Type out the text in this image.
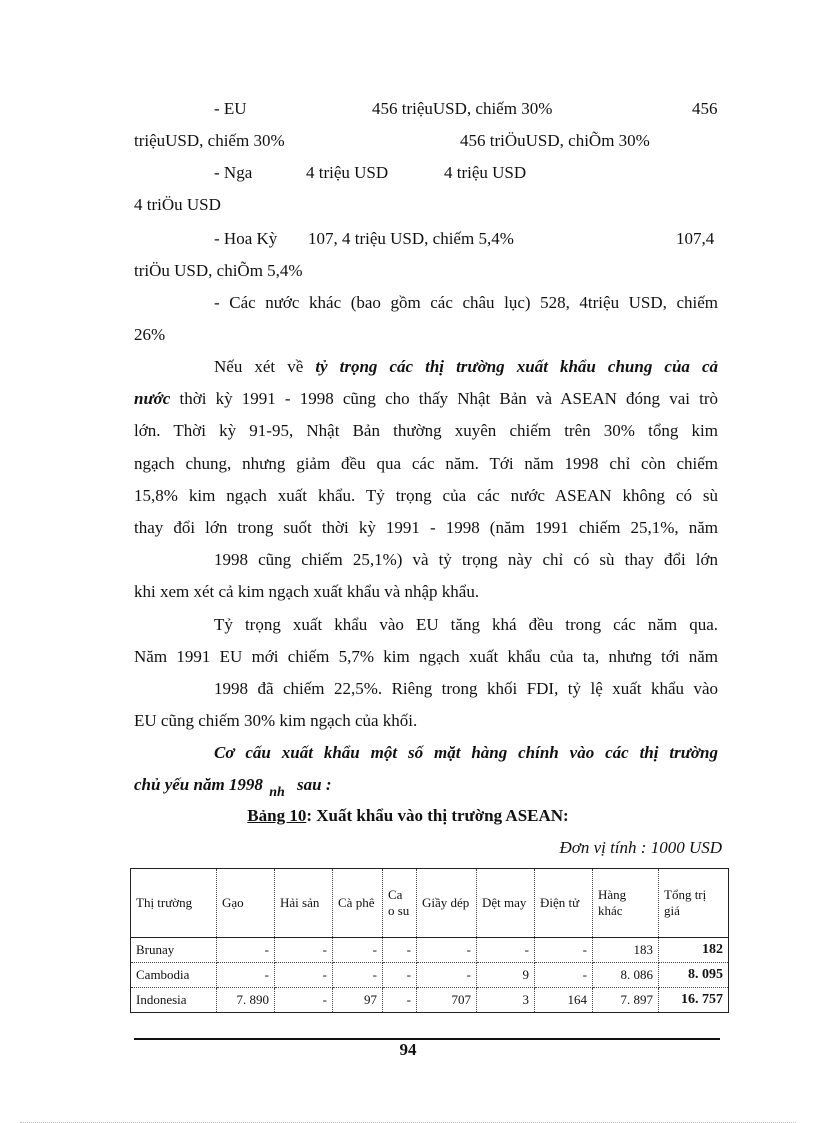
- EU	456 triệuUSD, chiếm 30%	456
triệuUSD, chiếm 30%	456 triÖuUSD, chiÕm 30%
- Nga	4 triệu USD	4 triệu USD
4 triÖu USD
- Hoa Kỳ 107, 4 triệu USD, chiếm 5,4%	107,4
triÖu USD, chiÕm 5,4%
- Các nước khác (bao gồm các châu lục) 528, 4triệu USD, chiếm
26%
Nếu xét về tỷ trọng các thị trường xuất khẩu chung của cả
nước thời kỳ 1991 - 1998 cũng cho thấy Nhật Bản và ASEAN đóng vai trò
lớn. Thời kỳ 91-95, Nhật Bản thường xuyên chiếm trên 30% tổng kim
ngạch chung, nhưng giảm đều qua các năm. Tới năm 1998 chỉ còn chiếm
15,8% kim ngạch xuất khẩu. Tỷ trọng của các nước ASEAN không có sù
thay đổi lớn trong suốt thời kỳ 1991 - 1998 (năm 1991 chiếm 25,1%, năm
1998 cũng chiếm 25,1%) và tỷ trọng này chỉ có sù thay đổi lớn
khi xem xét cả kim ngạch xuất khẩu và nhập khẩu.
Tỷ trọng xuất khẩu vào EU tăng khá đều trong các năm qua.
Năm 1991 EU mới chiếm 5,7% kim ngạch xuất khẩu của ta, nhưng tới năm
1998 đã chiếm 22,5%. Riêng trong khối FDI, tỷ lệ xuất khẩu vào
EU cũng chiếm 30% kim ngạch của khối.
Cơ cấu xuất khẩu một số mặt hàng chính vào các thị trường
chủ yếu năm 1998 $_{nh}$ sau :
Bảng 10: Xuất khẩu vào thị trường ASEAN:
Đơn vị tính : 1000 USD
Thị trường	Gạo	Hải sản	Cà phê	Ca o su	Giầy dép	Dệt may	Điện tử	Hàng khác	Tổng trị giá
Brunay	-	-	-	-	-	-	-	183	182
Cambodia	-	-	-	-	-	9	-	8. 086	8. 095
Indonesia	7. 890	-	97	-	707	3	164	7. 897	16. 757
94
